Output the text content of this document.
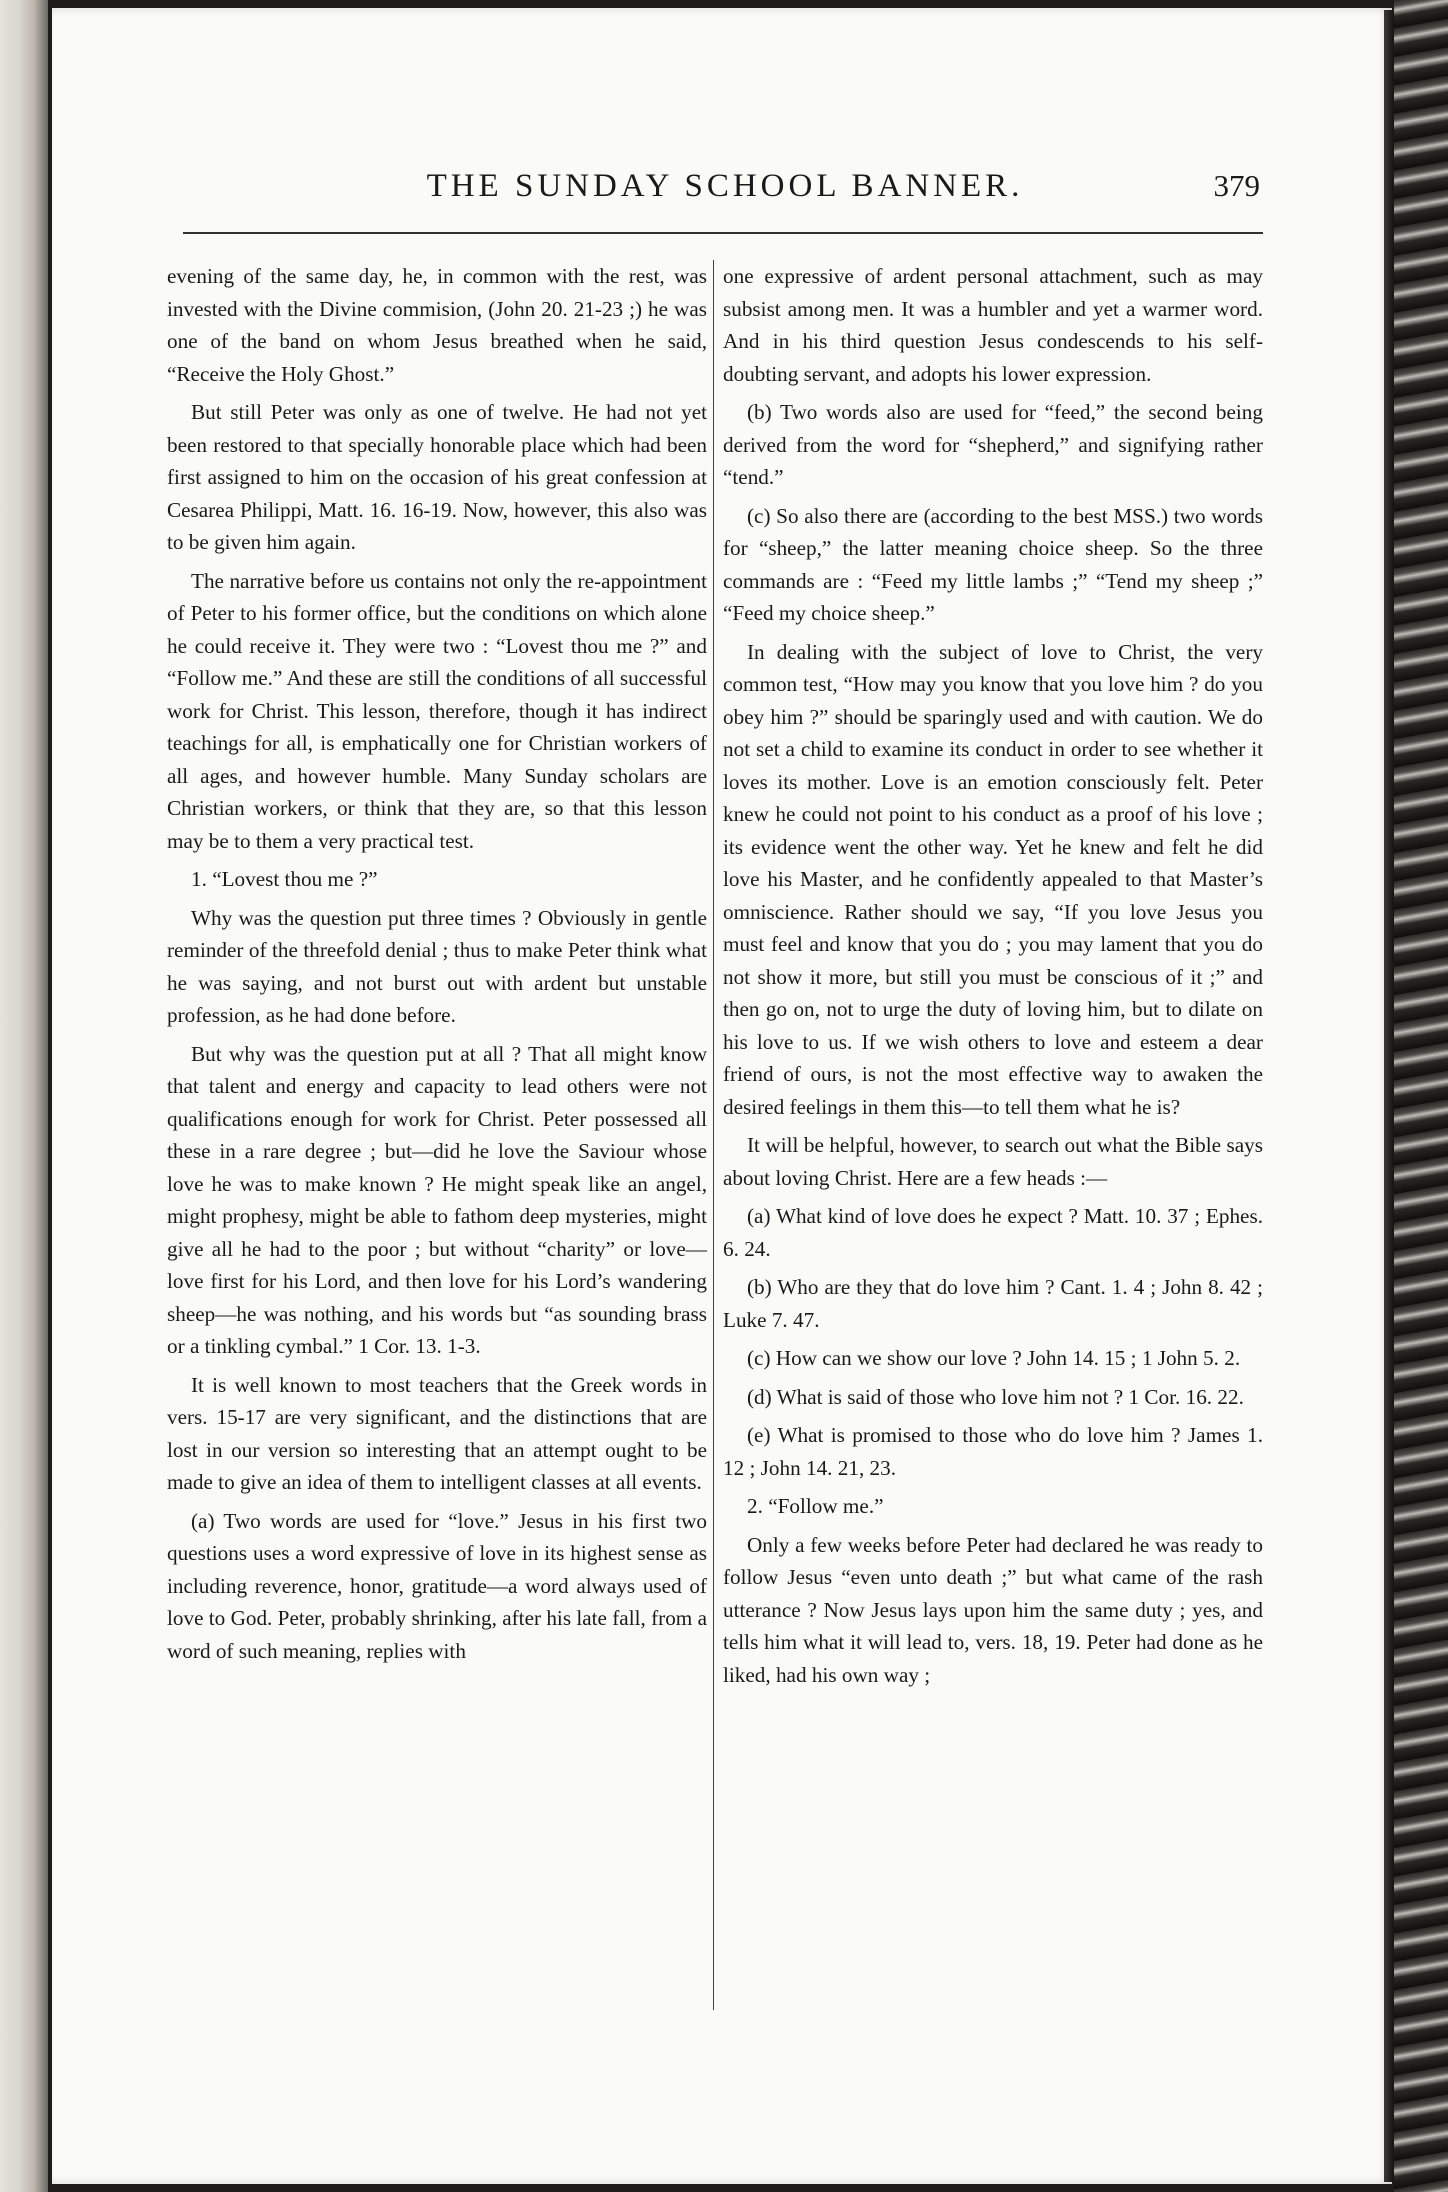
THE SUNDAY SCHOOL BANNER.	379

evening of the same day, he, in common with the rest, was invested with the Divine commision, (John 20. 21-23 ;) he was one of the band on whom Jesus breathed when he said, “Receive the Holy Ghost.”

But still Peter was only as one of twelve. He had not yet been restored to that specially honorable place which had been first assigned to him on the occasion of his great confession at Cesarea Philippi, Matt. 16. 16-19. Now, however, this also was to be given him again.

The narrative before us contains not only the re-appointment of Peter to his former office, but the conditions on which alone he could receive it. They were two : “Lovest thou me ?” and “Follow me.” And these are still the conditions of all successful work for Christ. This lesson, therefore, though it has indirect teachings for all, is emphatically one for Christian workers of all ages, and however humble. Many Sunday scholars are Christian workers, or think that they are, so that this lesson may be to them a very practical test.

1. “Lovest thou me ?”

Why was the question put three times ? Obviously in gentle reminder of the threefold denial ; thus to make Peter think what he was saying, and not burst out with ardent but unstable profession, as he had done before.

But why was the question put at all ? That all might know that talent and energy and capacity to lead others were not qualifications enough for work for Christ. Peter possessed all these in a rare degree ; but—did he love the Saviour whose love he was to make known ? He might speak like an angel, might prophesy, might be able to fathom deep mysteries, might give all he had to the poor ; but without “charity” or love—love first for his Lord, and then love for his Lord’s wandering sheep—he was nothing, and his words but “as sounding brass or a tinkling cymbal.” 1 Cor. 13. 1-3.

It is well known to most teachers that the Greek words in vers. 15-17 are very significant, and the distinctions that are lost in our version so interesting that an attempt ought to be made to give an idea of them to intelligent classes at all events.

(a) Two words are used for “love.” Jesus in his first two questions uses a word expressive of love in its highest sense as including reverence, honor, gratitude—a word always used of love to God. Peter, probably shrinking, after his late fall, from a word of such meaning, replies with

one expressive of ardent personal attachment, such as may subsist among men. It was a humbler and yet a warmer word. And in his third question Jesus condescends to his self-doubting servant, and adopts his lower expression.

(b) Two words also are used for “feed,” the second being derived from the word for “shepherd,” and signifying rather “tend.”

(c) So also there are (according to the best MSS.) two words for “sheep,” the latter meaning choice sheep. So the three commands are : “Feed my little lambs ;” “Tend my sheep ;” “Feed my choice sheep.”

In dealing with the subject of love to Christ, the very common test, “How may you know that you love him ? do you obey him ?” should be sparingly used and with caution. We do not set a child to examine its conduct in order to see whether it loves its mother. Love is an emotion consciously felt. Peter knew he could not point to his conduct as a proof of his love ; its evidence went the other way. Yet he knew and felt he did love his Master, and he confidently appealed to that Master’s omniscience. Rather should we say, “If you love Jesus you must feel and know that you do ; you may lament that you do not show it more, but still you must be conscious of it ;” and then go on, not to urge the duty of loving him, but to dilate on his love to us. If we wish others to love and esteem a dear friend of ours, is not the most effective way to awaken the desired feelings in them this—to tell them what he is?

It will be helpful, however, to search out what the Bible says about loving Christ. Here are a few heads :—

(a) What kind of love does he expect ? Matt. 10. 37 ; Ephes. 6. 24.

(b) Who are they that do love him ? Cant. 1. 4 ; John 8. 42 ; Luke 7. 47.

(c) How can we show our love ? John 14. 15 ; 1 John 5. 2.

(d) What is said of those who love him not ? 1 Cor. 16. 22.

(e) What is promised to those who do love him ? James 1. 12 ; John 14. 21, 23.

2. “Follow me.”

Only a few weeks before Peter had declared he was ready to follow Jesus “even unto death ;” but what came of the rash utterance ? Now Jesus lays upon him the same duty ; yes, and tells him what it will lead to, vers. 18, 19. Peter had done as he liked, had his own way ;
